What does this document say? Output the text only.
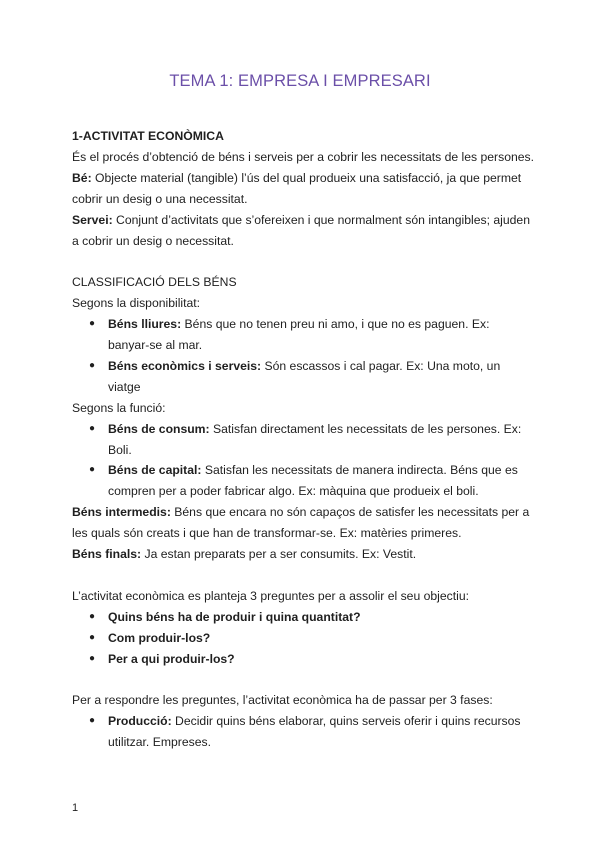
TEMA 1: EMPRESA I EMPRESARI

1-ACTIVITAT ECONÒMICA

És el procés d’obtenció de béns i serveis per a cobrir les necessitats de les persones.

Bé: Objecte material (tangible) l’ús del qual produeix una satisfacció, ja que permet cobrir un desig o una necessitat.

Servei: Conjunt d’activitats que s’ofereixen i que normalment són intangibles; ajuden a cobrir un desig o necessitat.

CLASSIFICACIÓ DELS BÉNS

Segons la disponibilitat:

● Béns lliures: Béns que no tenen preu ni amo, i que no es paguen. Ex: banyar-se al mar.
● Béns econòmics i serveis: Són escassos i cal pagar. Ex: Una moto, un viatge

Segons la funció:

● Béns de consum: Satisfan directament les necessitats de les persones. Ex: Boli.
● Béns de capital: Satisfan les necessitats de manera indirecta. Béns que es compren per a poder fabricar algo. Ex: màquina que produeix el boli.

Béns intermedis: Béns que encara no són capaços de satisfer les necessitats per a les quals són creats i que han de transformar-se. Ex: matèries primeres.

Béns finals: Ja estan preparats per a ser consumits. Ex: Vestit.

L’activitat econòmica es planteja 3 preguntes per a assolir el seu objectiu:

● Quins béns ha de produir i quina quantitat?
● Com produir-los?
● Per a qui produir-los?

Per a respondre les preguntes, l’activitat econòmica ha de passar per 3 fases:

● Producció: Decidir quins béns elaborar, quins serveis oferir i quins recursos utilitzar. Empreses.
1
